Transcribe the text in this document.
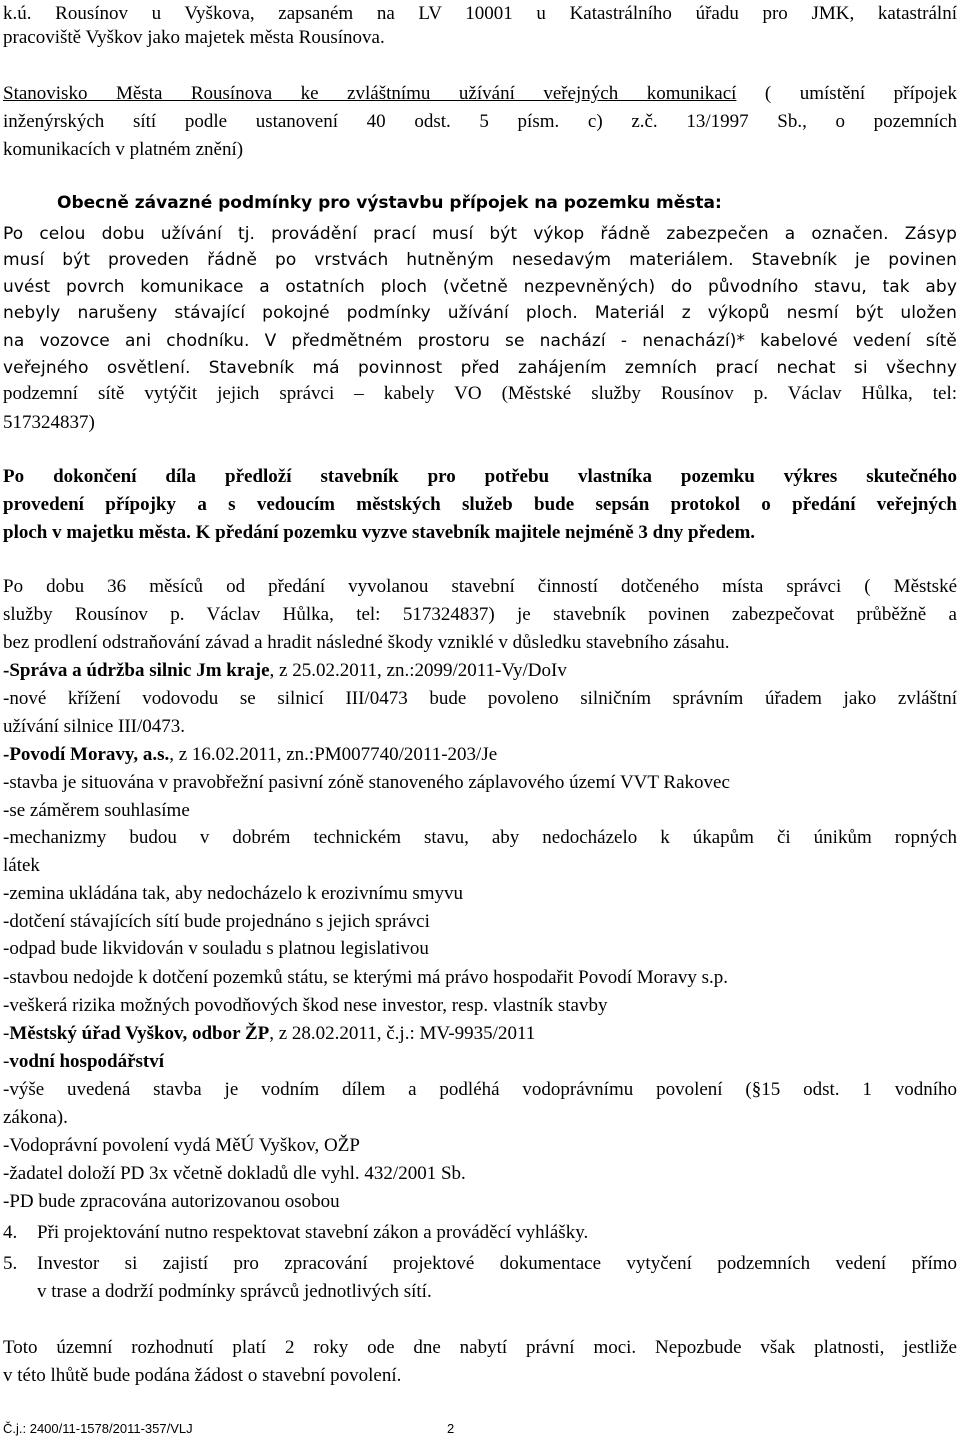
k.ú. Rousínov u Vyškova, zapsaném na LV 10001 u Katastrálního úřadu pro JMK, katastrální
pracoviště Vyškov jako majetek města Rousínova.
Stanovisko Města Rousínova ke zvláštnímu užívání veřejných komunikací ( umístění přípojek
inženýrských sítí podle ustanovení 40 odst. 5 písm. c) z.č. 13/1997 Sb., o pozemních
komunikacích v platném znění)
Obecně závazné podmínky pro výstavbu přípojek na pozemku města:
Po celou dobu užívání tj. provádění prací musí být výkop řádně zabezpečen a označen. Zásyp
musí být proveden řádně po vrstvách hutněným nesedavým materiálem. Stavebník je povinen
uvést povrch komunikace a ostatních ploch (včetně nezpevněných) do původního stavu, tak aby
nebyly narušeny stávající pokojné podmínky užívání ploch. Materiál z výkopů nesmí být uložen
na vozovce ani chodníku. V předmětném prostoru se nachází - nenachází)* kabelové vedení sítě
veřejného osvětlení. Stavebník má povinnost před zahájením zemních prací nechat si všechny
podzemní sítě vytýčit jejich správci – kabely VO (Městské služby Rousínov p. Václav Hůlka, tel:
517324837)
Po dokončení díla předloží stavebník pro potřebu vlastníka pozemku výkres skutečného
provedení přípojky a s vedoucím městských služeb bude sepsán protokol o předání veřejných
ploch v majetku města. K předání pozemku vyzve stavebník majitele nejméně 3 dny předem.
Po dobu 36 měsíců od předání vyvolanou stavební činností dotčeného místa správci ( Městské
služby Rousínov p. Václav Hůlka, tel: 517324837) je stavebník povinen zabezpečovat průběžně a
bez prodlení odstraňování závad a hradit následné škody vzniklé v důsledku stavebního zásahu.
-Správa a údržba silnic Jm kraje, z 25.02.2011, zn.:2099/2011-Vy/DoIv
-nové křížení vodovodu se silnicí III/0473 bude povoleno silničním správním úřadem jako zvláštní
užívání silnice III/0473.
-Povodí Moravy, a.s., z 16.02.2011, zn.:PM007740/2011-203/Je
-stavba je situována v pravobřežní pasivní zóně stanoveného záplavového území VVT Rakovec
-se záměrem souhlasíme
-mechanizmy budou v dobrém technickém stavu, aby nedocházelo k úkapům či únikům ropných
látek
-zemina ukládána tak, aby nedocházelo k erozivnímu smyvu
-dotčení stávajících sítí bude projednáno s jejich správci
-odpad bude likvidován v souladu s platnou legislativou
-stavbou nedojde k dotčení pozemků státu, se kterými má právo hospodařit Povodí Moravy s.p.
-veškerá rizika možných povodňových škod nese investor, resp. vlastník stavby
-Městský úřad Vyškov, odbor ŽP, z 28.02.2011, č.j.: MV-9935/2011
-vodní hospodářství
-výše uvedená stavba je vodním dílem a podléhá vodoprávnímu povolení (§15 odst. 1 vodního
zákona).
-Vodoprávní povolení vydá MěÚ Vyškov, OŽP
-žadatel doloží PD 3x včetně dokladů dle vyhl. 432/2001 Sb.
-PD bude zpracována autorizovanou osobou
4. Při projektování nutno respektovat stavební zákon a prováděcí vyhlášky.
5. Investor si zajistí pro zpracování projektové dokumentace vytyčení podzemních vedení přímo
v trase a dodrží podmínky správců jednotlivých sítí.
Toto územní rozhodnutí platí 2 roky ode dne nabytí právní moci. Nepozbude však platnosti, jestliže
v této lhůtě bude podána žádost o stavební povolení.
Č.j.: 2400/11-1578/2011-357/VLJ	2
